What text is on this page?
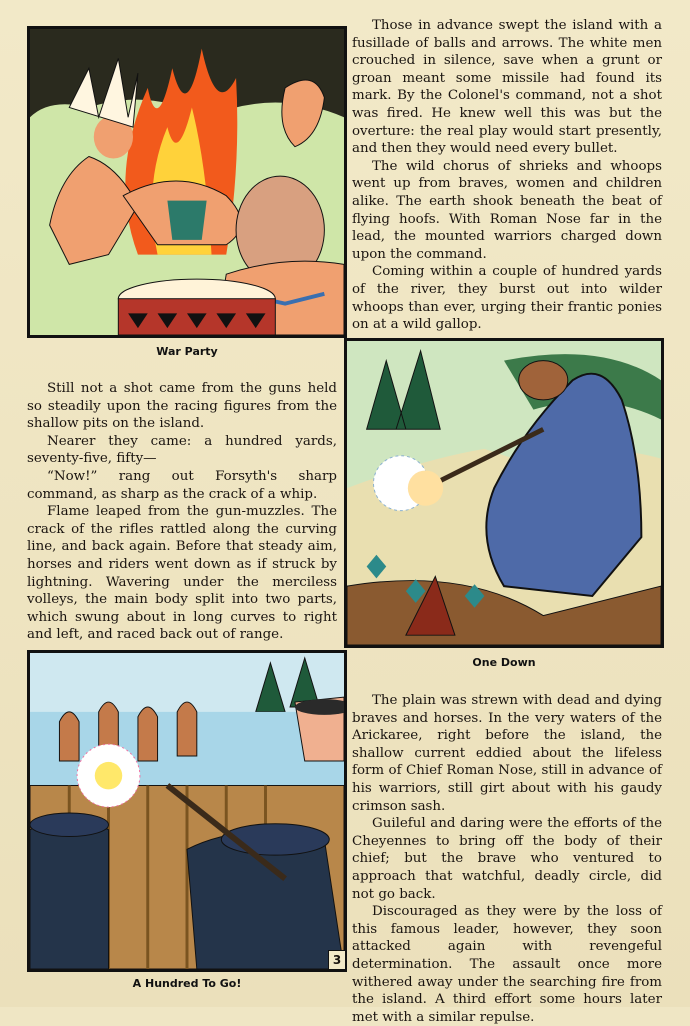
War Party
One Down
A Hundred To Go!
3

Those in advance swept the island with a fusillade of balls and arrows. The white men crouched in silence, save when a grunt or groan meant some missile had found its mark. By the Colonel's command, not a shot was fired. He knew well this was but the overture: the real play would start presently, and then they would need every bullet.

The wild chorus of shrieks and whoops went up from braves, women and children alike. The earth shook beneath the beat of flying hoofs. With Roman Nose far in the lead, the mounted warriors charged down upon the command.

Coming within a couple of hundred yards of the river, they burst out into wilder whoops than ever, urging their frantic ponies on at a wild gallop.

Still not a shot came from the guns held so steadily upon the racing figures from the shallow pits on the island.

Nearer they came: a hundred yards, seventy-five, fifty—

“Now!” rang out Forsyth's sharp command, as sharp as the crack of a whip.

Flame leaped from the gun-muzzles. The crack of the rifles rattled along the curving line, and back again. Before that steady aim, horses and riders went down as if struck by lightning. Wavering under the merciless volleys, the main body split into two parts, which swung about in long curves to right and left, and raced back out of range.

The plain was strewn with dead and dying braves and horses. In the very waters of the Arickaree, right before the island, the shallow current eddied about the lifeless form of Chief Roman Nose, still in advance of his warriors, still girt about with his gaudy crimson sash.

Guileful and daring were the efforts of the Cheyennes to bring off the body of their chief; but the brave who ventured to approach that watchful, deadly circle, did not go back.

Discouraged as they were by the loss of this famous leader, however, they soon attacked again with revengeful determination. The assault once more withered away under the searching fire from the island. A third effort some hours later met with a similar repulse.
